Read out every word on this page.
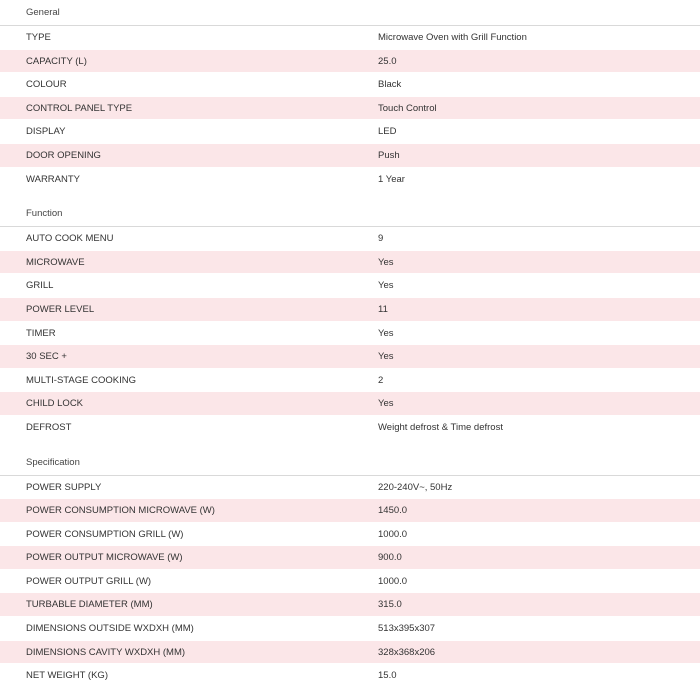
General
TYPE	Microwave Oven with Grill Function
CAPACITY (L)	25.0
COLOUR	Black
CONTROL PANEL TYPE	Touch Control
DISPLAY	LED
DOOR OPENING	Push
WARRANTY	1 Year
Function
AUTO COOK MENU	9
MICROWAVE	Yes
GRILL	Yes
POWER LEVEL	11
TIMER	Yes
30 SEC +	Yes
MULTI-STAGE COOKING	2
CHILD LOCK	Yes
DEFROST	Weight defrost & Time defrost
Specification
POWER SUPPLY	220-240V~, 50Hz
POWER CONSUMPTION MICROWAVE (W)	1450.0
POWER CONSUMPTION GRILL (W)	1000.0
POWER OUTPUT MICROWAVE (W)	900.0
POWER OUTPUT GRILL (W)	1000.0
TURBABLE DIAMETER (MM)	315.0
DIMENSIONS OUTSIDE WXDXH (MM)	513x395x307
DIMENSIONS CAVITY WXDXH (MM)	328x368x206
NET WEIGHT (KG)	15.0
